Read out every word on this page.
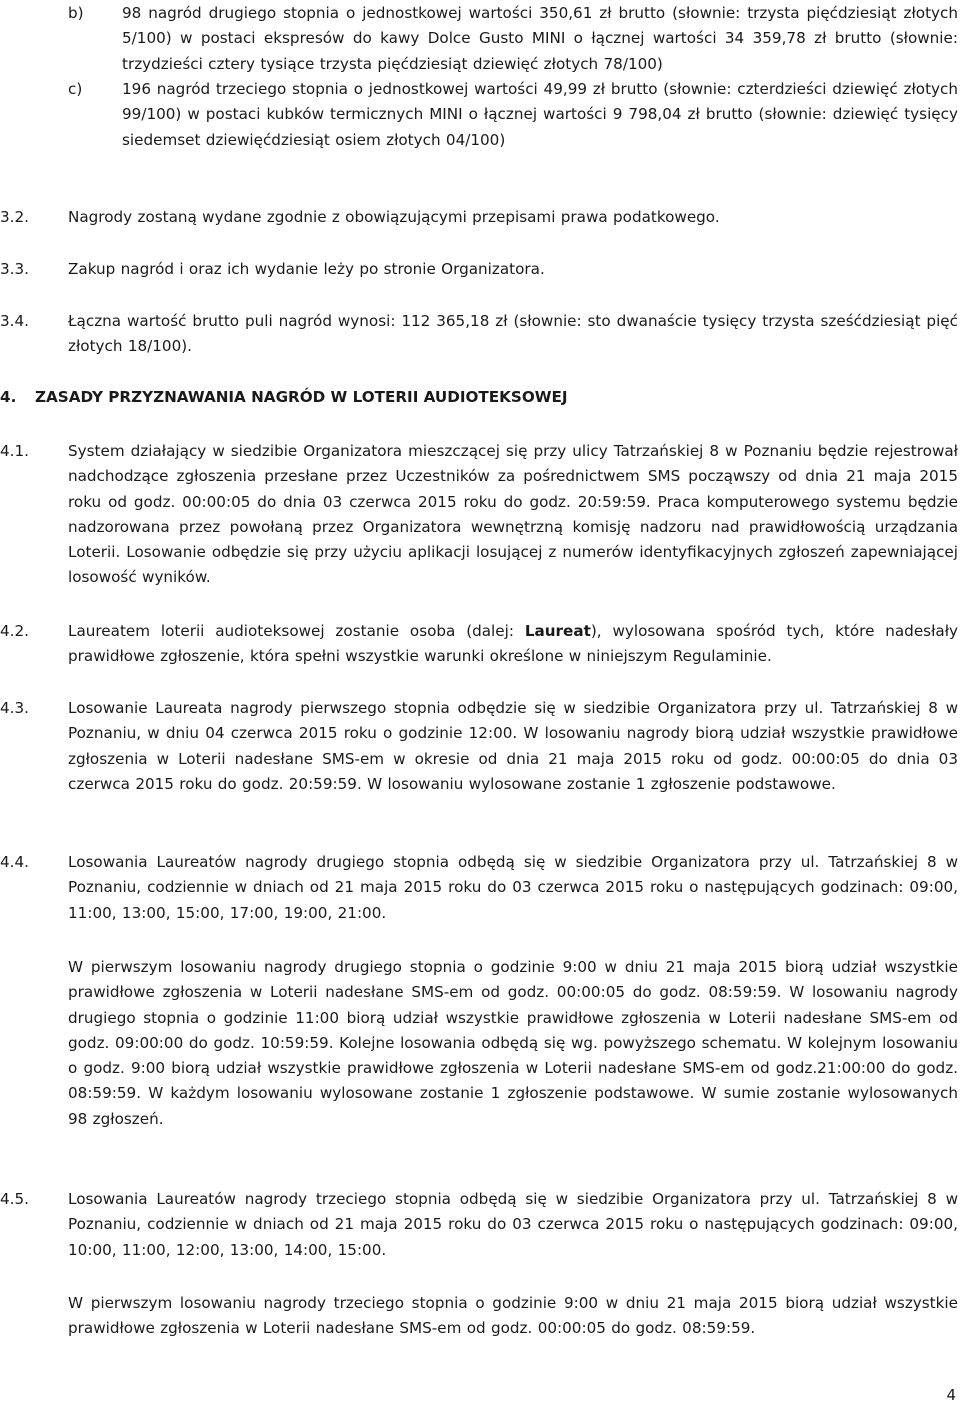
b)	98 nagród drugiego stopnia o jednostkowej wartości 350,61 zł brutto (słownie: trzysta pięćdziesiąt złotych 5/100) w postaci ekspresów do kawy Dolce Gusto MINI o łącznej wartości 34 359,78 zł brutto (słownie: trzydzieści cztery tysiące trzysta pięćdziesiąt dziewięć złotych 78/100)

c)	196 nagród trzeciego stopnia o jednostkowej wartości 49,99 zł brutto (słownie: czterdzieści dziewięć złotych 99/100) w postaci kubków termicznych MINI o łącznej wartości 9 798,04 zł brutto (słownie: dziewięć tysięcy siedemset dziewięćdziesiąt osiem złotych 04/100)

3.2.	Nagrody zostaną wydane zgodnie z obowiązującymi przepisami prawa podatkowego.

3.3.	Zakup nagród i oraz ich wydanie leży po stronie Organizatora.

3.4.	Łączna wartość brutto puli nagród wynosi: 112 365,18 zł (słownie: sto dwanaście tysięcy trzysta sześćdziesiąt pięć złotych 18/100).

4. ZASADY PRZYZNAWANIA NAGRÓD W LOTERII AUDIOTEKSOWEJ
4.1.	System działający w siedzibie Organizatora mieszczącej się przy ulicy Tatrzańskiej 8 w Poznaniu będzie rejestrował nadchodzące zgłoszenia przesłane przez Uczestników za pośrednictwem SMS począwszy od dnia 21 maja 2015 roku od godz. 00:00:05 do dnia 03 czerwca 2015 roku do godz. 20:59:59. Praca komputerowego systemu będzie nadzorowana przez powołaną przez Organizatora wewnętrzną komisję nadzoru nad prawidłowością urządzania Loterii. Losowanie odbędzie się przy użyciu aplikacji losującej z numerów identyfikacyjnych zgłoszeń zapewniającej losowość wyników.

4.2.	Laureatem loterii audioteksowej zostanie osoba (dalej: Laureat), wylosowana spośród tych, które nadesłały prawidłowe zgłoszenie, która spełni wszystkie warunki określone w niniejszym Regulaminie.

4.3.	Losowanie Laureata nagrody pierwszego stopnia odbędzie się w siedzibie Organizatora przy ul. Tatrzańskiej 8 w Poznaniu, w dniu 04 czerwca 2015 roku o godzinie 12:00. W losowaniu nagrody biorą udział wszystkie prawidłowe zgłoszenia w Loterii nadesłane SMS-em w okresie od dnia 21 maja 2015 roku od godz. 00:00:05 do dnia 03 czerwca 2015 roku do godz. 20:59:59. W losowaniu wylosowane zostanie 1 zgłoszenie podstawowe.

4.4.	Losowania Laureatów nagrody drugiego stopnia odbędą się w siedzibie Organizatora przy ul. Tatrzańskiej 8 w Poznaniu, codziennie w dniach od 21 maja 2015 roku do 03 czerwca 2015 roku o następujących godzinach: 09:00, 11:00, 13:00, 15:00, 17:00, 19:00, 21:00.

W pierwszym losowaniu nagrody drugiego stopnia o godzinie 9:00 w dniu 21 maja 2015 biorą udział wszystkie prawidłowe zgłoszenia w Loterii nadesłane SMS-em od godz. 00:00:05 do godz. 08:59:59. W losowaniu nagrody drugiego stopnia o godzinie 11:00 biorą udział wszystkie prawidłowe zgłoszenia w Loterii nadesłane SMS-em od godz. 09:00:00 do godz. 10:59:59. Kolejne losowania odbędą się wg. powyższego schematu. W kolejnym losowaniu o godz. 9:00 biorą udział wszystkie prawidłowe zgłoszenia w Loterii nadesłane SMS-em od godz.21:00:00 do godz. 08:59:59. W każdym losowaniu wylosowane zostanie 1 zgłoszenie podstawowe. W sumie zostanie wylosowanych 98 zgłoszeń.

4.5.	Losowania Laureatów nagrody trzeciego stopnia odbędą się w siedzibie Organizatora przy ul. Tatrzańskiej 8 w Poznaniu, codziennie w dniach od 21 maja 2015 roku do 03 czerwca 2015 roku o następujących godzinach: 09:00, 10:00, 11:00, 12:00, 13:00, 14:00, 15:00.

W pierwszym losowaniu nagrody trzeciego stopnia o godzinie 9:00 w dniu 21 maja 2015 biorą udział wszystkie prawidłowe zgłoszenia w Loterii nadesłane SMS-em od godz. 00:00:05 do godz. 08:59:59.

4
